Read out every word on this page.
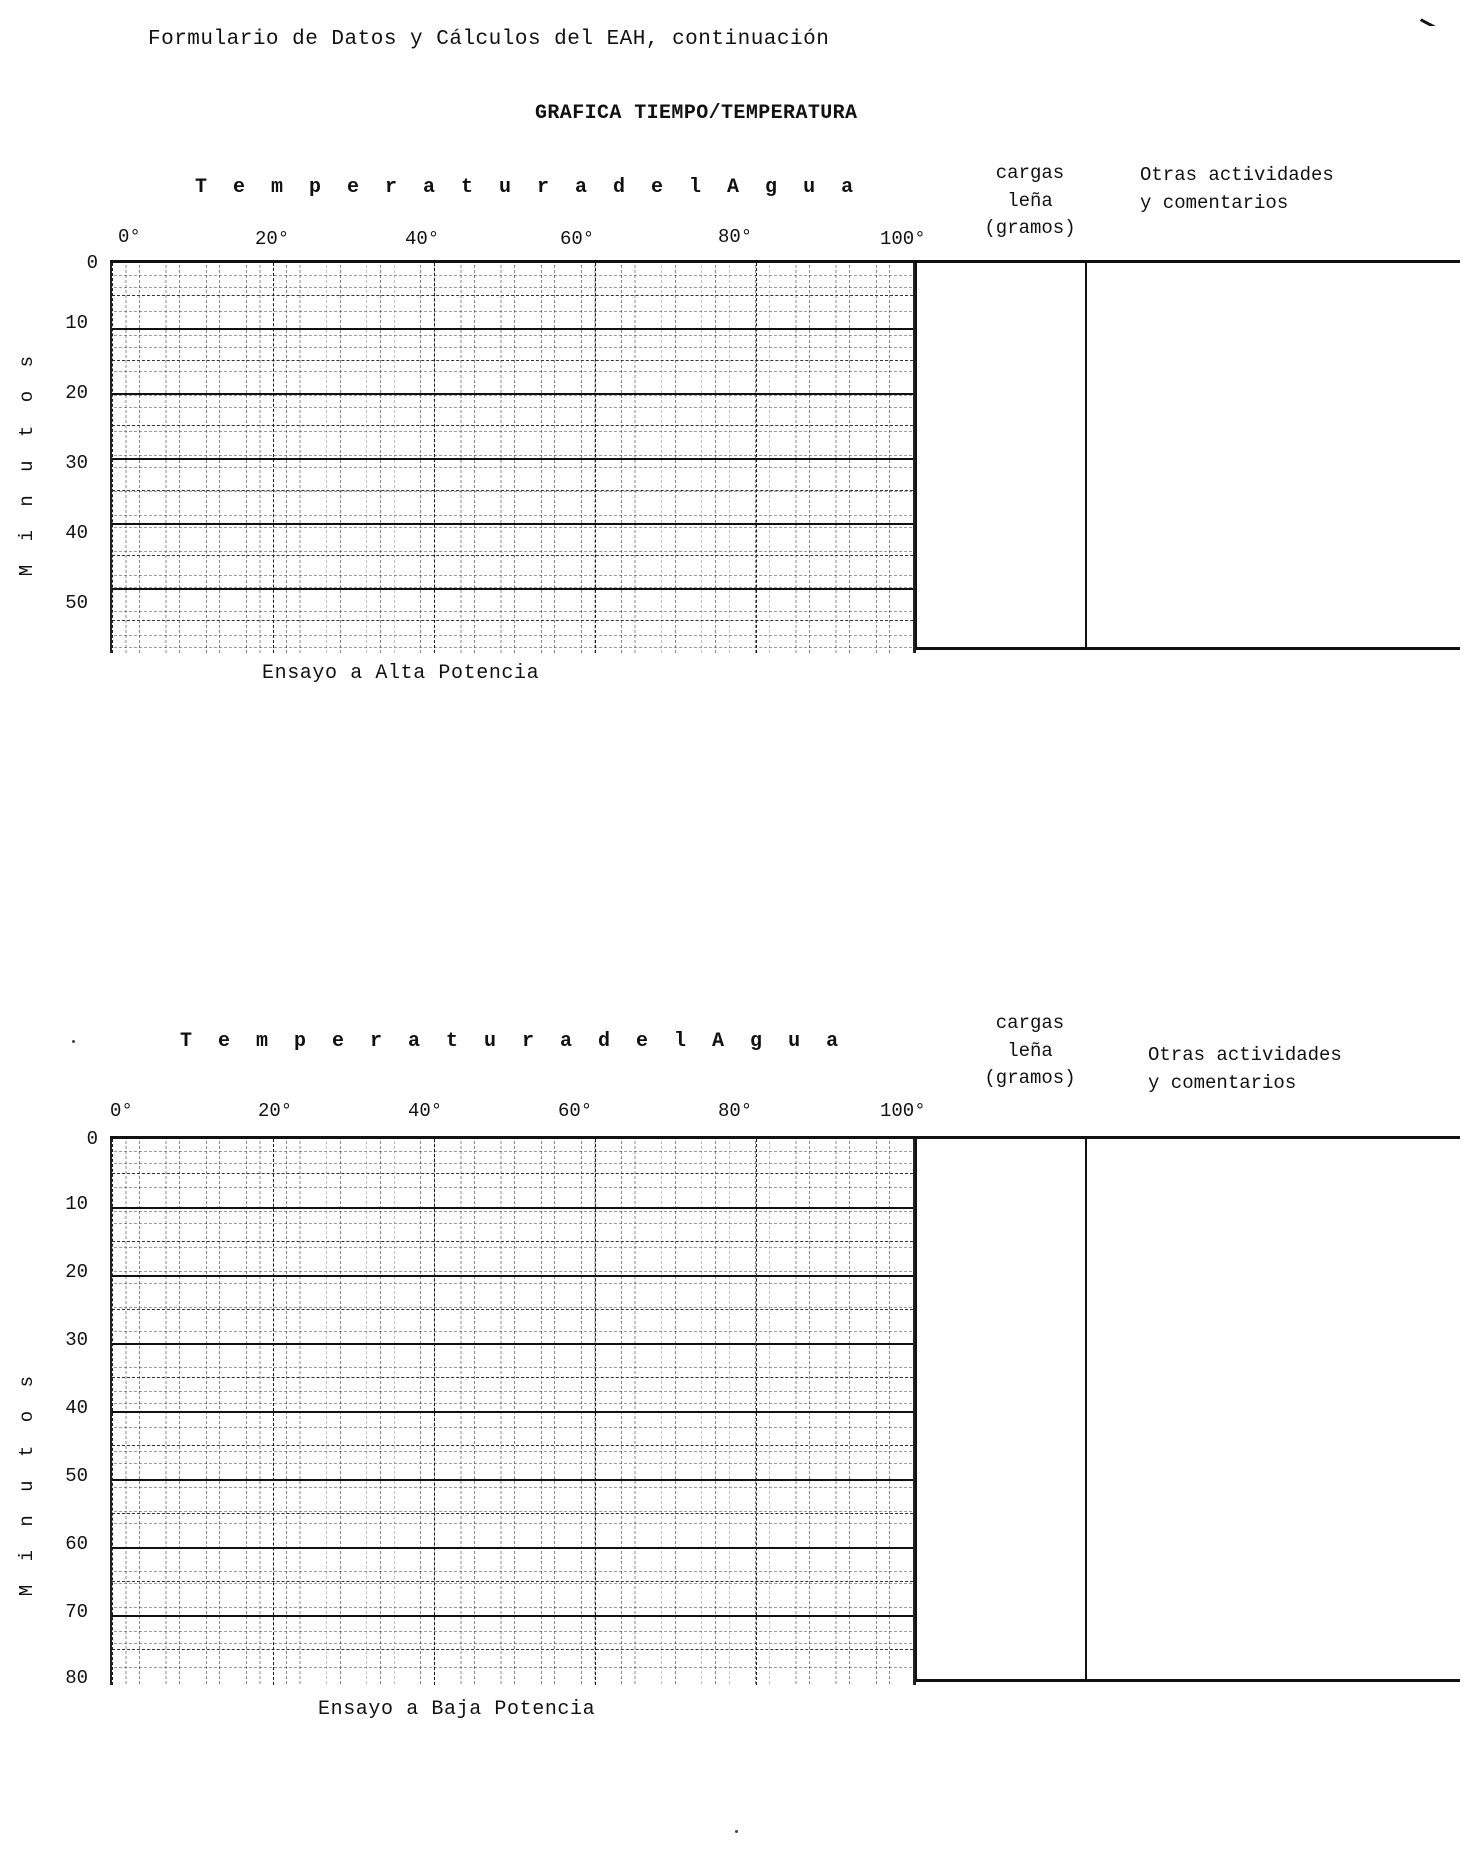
Formulario de Datos y Cálculos del EAH, continuación
GRAFICA TIEMPO/TEMPERATURA
T e m p e r a t u r a d e l A g u a
cargas
leña
(gramos)
Otras actividades
y comentarios
0°	20°	40°	60°	80°	100°
M i n u t o s
0
10
20
30
40
50
Ensayo a Alta Potencia
T e m p e r a t u r a d e l A g u a
cargas
leña
(gramos)
Otras actividades
y comentarios
0°	20°	40°	60°	80°	100°
M i n u t o s
0
10
20
30
40
50
60
70
80
Ensayo a Baja Potencia
